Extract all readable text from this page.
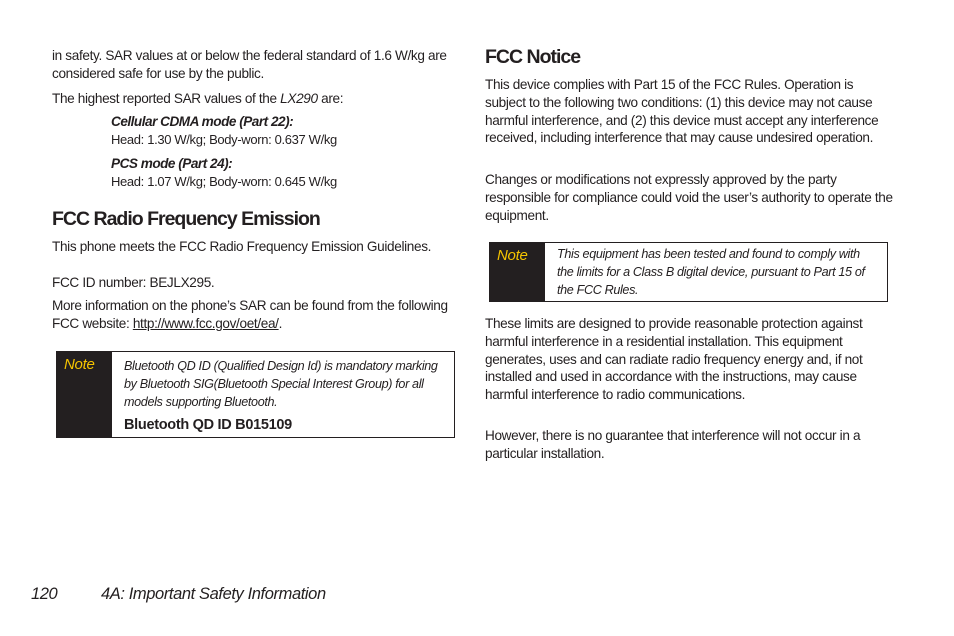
in safety. SAR values at or below the federal standard of 1.6 W/kg are considered safe for use by the public.

The highest reported SAR values of the LX290 are:

Cellular CDMA mode (Part 22):
Head: 1.30 W/kg; Body-worn: 0.637 W/kg
PCS mode (Part 24):
Head: 1.07 W/kg; Body-worn: 0.645 W/kg
FCC Radio Frequency Emission

This phone meets the FCC Radio Frequency Emission Guidelines.

FCC ID number: BEJLX295.

More information on the phone’s SAR can be found from the following FCC website: http://www.fcc.gov/oet/ea/.

Note Bluetooth QD ID (Qualified Design Id) is mandatory marking by Bluetooth SIG(Bluetooth Special Interest Group) for all models supporting Bluetooth.
Bluetooth QD ID B015109
FCC Notice

This device complies with Part 15 of the FCC Rules. Operation is subject to the following two conditions: (1) this device may not cause harmful interference, and (2) this device must accept any interference received, including interference that may cause undesired operation.

Changes or modifications not expressly approved by the party responsible for compliance could void the user’s authority to operate the equipment.

Note This equipment has been tested and found to comply with the limits for a Class B digital device, pursuant to Part 15 of the FCC Rules.

These limits are designed to provide reasonable protection against harmful interference in a residential installation. This equipment generates, uses and can radiate radio frequency energy and, if not installed and used in accordance with the instructions, may cause harmful interference to radio communications.

However, there is no guarantee that interference will not occur in a particular installation.

120	4A: Important Safety Information
